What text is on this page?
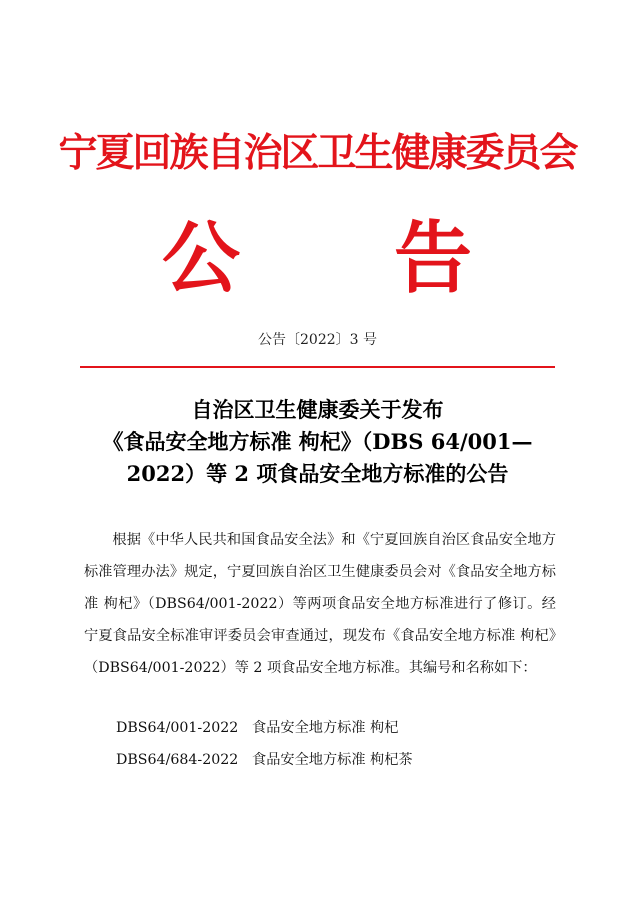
宁夏回族自治区卫生健康委员会
公 告
公告〔2022〕3 号
自治区卫生健康委关于发布
《食品安全地方标准 枸杞》（DBS 64/001—
2022）等 2 项食品安全地方标准的公告

根据《中华人民共和国食品安全法》和《宁夏回族自治区食品安全地方标准管理办法》规定，宁夏回族自治区卫生健康委员会对《食品安全地方标准 枸杞》（DBS64/001-2022）等两项食品安全地方标准进行了修订。经宁夏食品安全标准审评委员会审查通过，现发布《食品安全地方标准 枸杞》（DBS64/001-2022）等 2 项食品安全地方标准。其编号和名称如下：

DBS64/001-2022 食品安全地方标准 枸杞
DBS64/684-2022 食品安全地方标准 枸杞茶
